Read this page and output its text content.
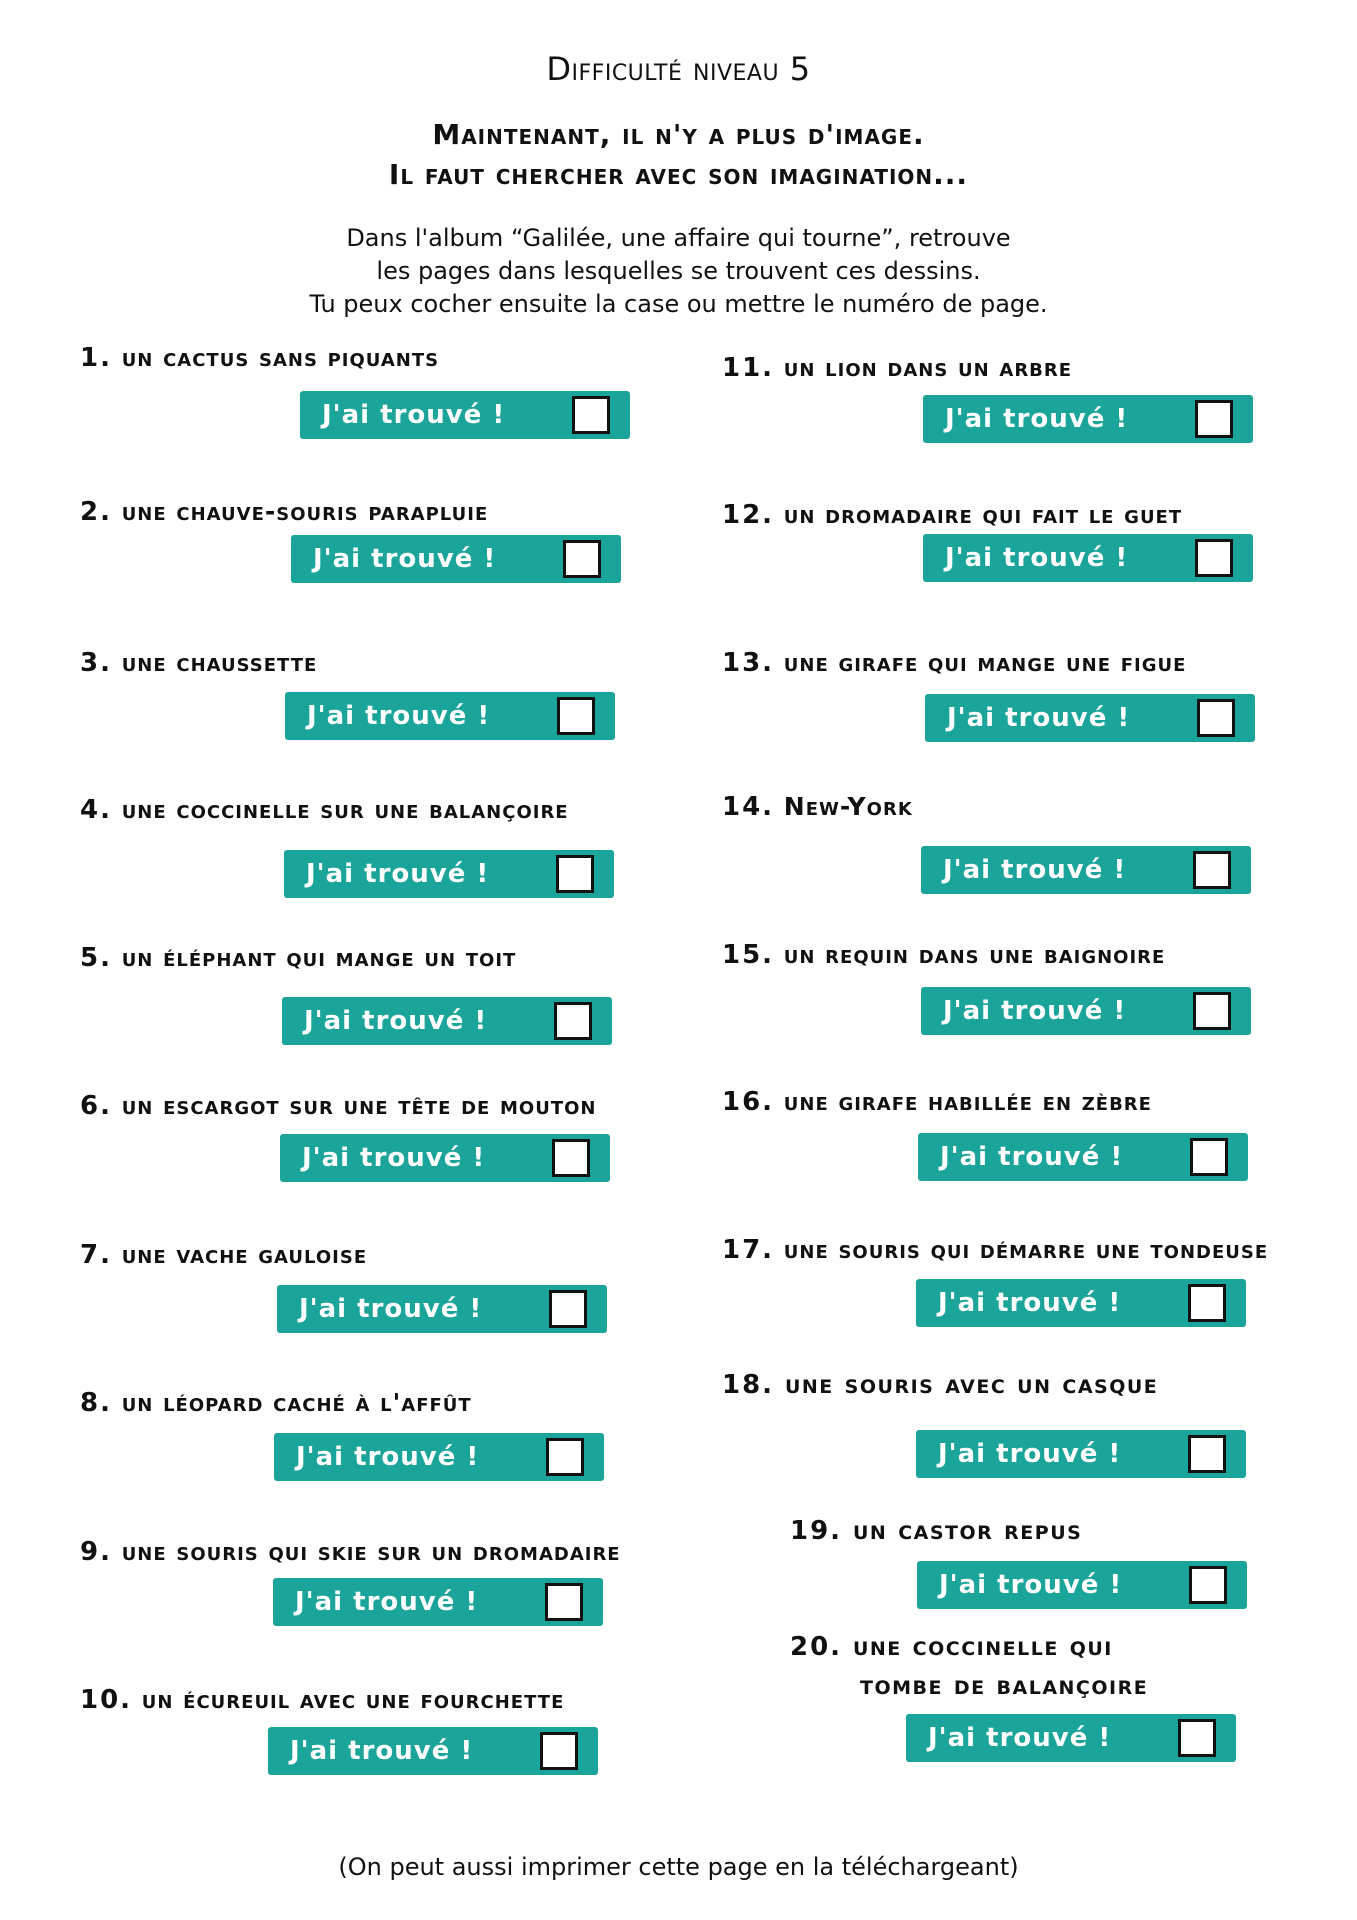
Difficulté niveau 5
Maintenant, il n'y a plus d'image.
Il faut chercher avec son imagination...
Dans l'album “Galilée, une affaire qui tourne”, retrouve
les pages dans lesquelles se trouvent ces dessins.
Tu peux cocher ensuite la case ou mettre le numéro de page.
1. un cactus sans piquants
J'ai trouvé !
2. une chauve-souris parapluie
J'ai trouvé !
3. une chaussette
J'ai trouvé !
4. une coccinelle sur une balançoire
J'ai trouvé !
5. un éléphant qui mange un toit
J'ai trouvé !
6. un escargot sur une tête de mouton
J'ai trouvé !
7. une vache gauloise
J'ai trouvé !
8. un léopard caché à l'affût
J'ai trouvé !
9. une souris qui skie sur un dromadaire
J'ai trouvé !
10. un écureuil avec une fourchette
J'ai trouvé !
11. un lion dans un arbre
J'ai trouvé !
12. un dromadaire qui fait le guet
J'ai trouvé !
13. une girafe qui mange une figue
J'ai trouvé !
14. New-York
J'ai trouvé !
15. un requin dans une baignoire
J'ai trouvé !
16. une girafe habillée en zèbre
J'ai trouvé !
17. une souris qui démarre une tondeuse
J'ai trouvé !
18. une souris avec un casque
J'ai trouvé !
19. un castor repus
J'ai trouvé !
20. une coccinelle qui
tombe de balançoire
J'ai trouvé !
(On peut aussi imprimer cette page en la téléchargeant)
